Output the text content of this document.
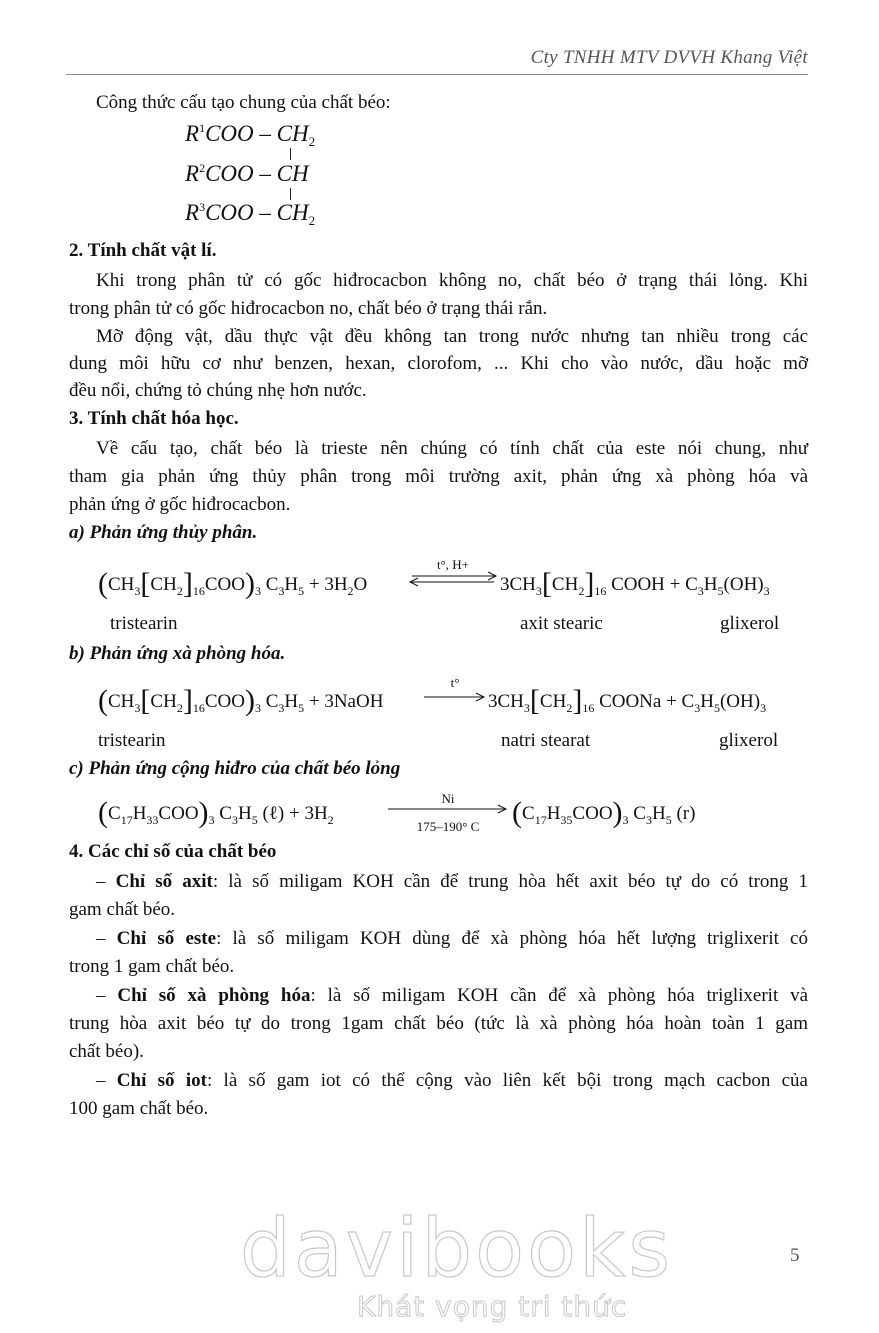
Cty TNHH MTV DVVH Khang Việt
Công thức cấu tạo chung của chất béo:
$R^1COO - CH_2$
$R^2COO$ – CH
$R^3COO - CH_2$
2. Tính chất vật lí.
Khi trong phân tử có gốc hiđrocacbon không no, chất béo ở trạng thái lỏng. Khi
trong phân tử có gốc hiđrocacbon no, chất béo ở trạng thái rắn.
Mỡ động vật, dầu thực vật đều không tan trong nước nhưng tan nhiều trong các
dung môi hữu cơ như benzen, hexan, clorofom, ... Khi cho vào nước, dầu hoặc mỡ
đều nổi, chứng tỏ chúng nhẹ hơn nước.
3. Tính chất hóa học.
Về cấu tạo, chất béo là trieste nên chúng có tính chất của este nói chung, như
tham gia phản ứng thủy phân trong môi trường axit, phản ứng xà phòng hóa và
phản ứng ở gốc hiđrocacbon.
a) Phản ứng thủy phân.
$(CH_3[CH_2]_{16}COO)_3$ $C_3H_5 + 3H_2O$
t°, H+
$3CH_3[CH_2]_{16}$ COOH + $C_3H_5(OH)_3$
tristearin	axit stearic	glixerol
b) Phản ứng xà phòng hóa.
$(CH_3[CH_2]_{16}COO)_3$ $C_3H_5$ + 3NaOH
t°
→ $3CH_3[CH_2]_{16}$ COONa + $C_3H_5(OH)_3$
tristearin	natri stearat	glixerol
c) Phản ứng cộng hiđro của chất béo lỏng
$(C_{17}H_{33}COO)_3$ $C_3H_5$ (ℓ) + $3H_2$
Ni
175–190° C	$(C_{17}H_{35}COO)_3$ $C_3H_5$ (r)
4. Các chỉ số của chất béo
– Chỉ số axit: là số miligam KOH cần để trung hòa hết axit béo tự do có trong 1
gam chất béo.
– Chỉ số este: là số miligam KOH dùng để xà phòng hóa hết lượng triglixerit có
trong 1 gam chất béo.
– Chỉ số xà phòng hóa: là số miligam KOH cần để xà phòng hóa triglixerit và
trung hòa axit béo tự do trong 1gam chất béo (tức là xà phòng hóa hoàn toàn 1 gam
chất béo).
– Chỉ số iot: là số gam iot có thể cộng vào liên kết bội trong mạch cacbon của
100 gam chất béo.
davibooks
Khát vọng tri thức
5
